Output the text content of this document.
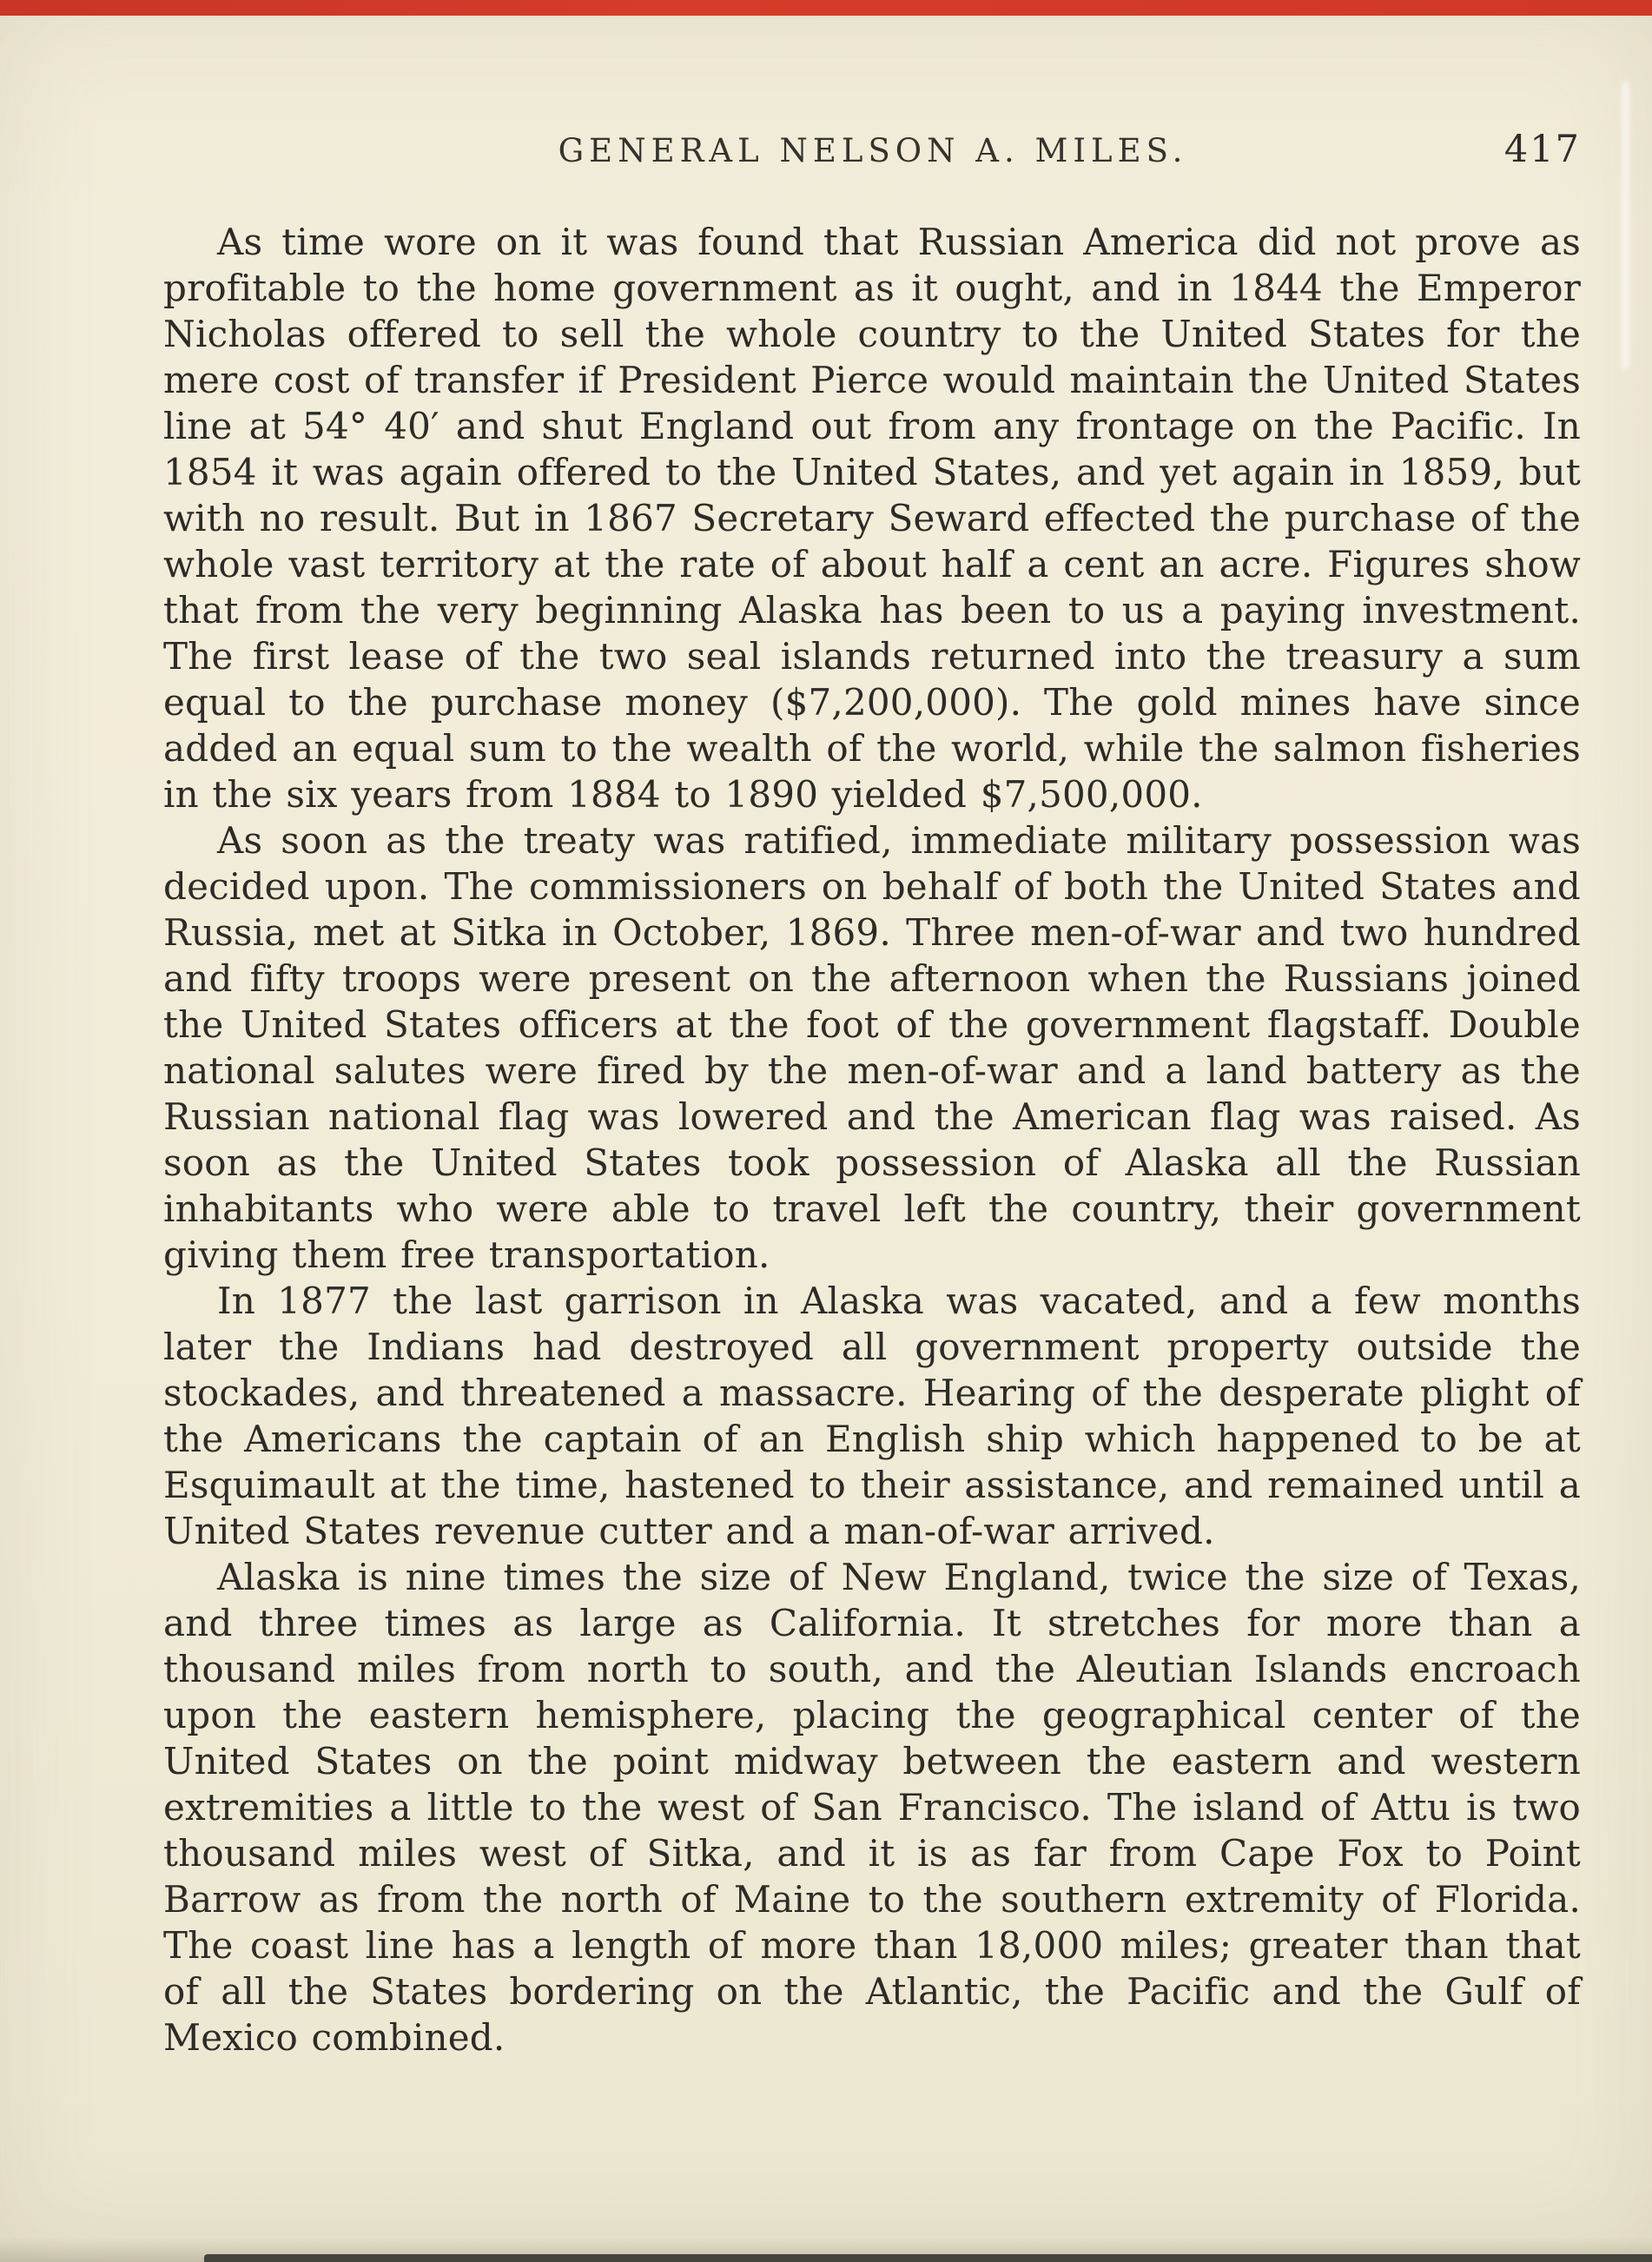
GENERAL NELSON A. MILES.	417

As time wore on it was found that Russian America did not prove as profitable to the home government as it ought, and in 1844 the Emperor Nicholas offered to sell the whole country to the United States for the mere cost of transfer if President Pierce would maintain the United States line at 54° 40′ and shut England out from any frontage on the Pacific. In 1854 it was again offered to the United States, and yet again in 1859, but with no result. But in 1867 Secretary Seward effected the purchase of the whole vast territory at the rate of about half a cent an acre. Figures show that from the very beginning Alaska has been to us a paying investment. The first lease of the two seal islands returned into the treasury a sum equal to the purchase money ($7,200,000). The gold mines have since added an equal sum to the wealth of the world, while the salmon fisheries in the six years from 1884 to 1890 yielded $7,500,000.

As soon as the treaty was ratified, immediate military possession was decided upon. The commissioners on behalf of both the United States and Russia, met at Sitka in October, 1869. Three men-of-war and two hundred and fifty troops were present on the afternoon when the Russians joined the United States officers at the foot of the government flagstaff. Double national salutes were fired by the men-of-war and a land battery as the Russian national flag was lowered and the American flag was raised. As soon as the United States took possession of Alaska all the Russian inhabitants who were able to travel left the country, their government giving them free transportation.

In 1877 the last garrison in Alaska was vacated, and a few months later the Indians had destroyed all government property outside the stockades, and threatened a massacre. Hearing of the desperate plight of the Americans the captain of an English ship which happened to be at Esquimault at the time, hastened to their assistance, and remained until a United States revenue cutter and a man-of-war arrived.

Alaska is nine times the size of New England, twice the size of Texas, and three times as large as California. It stretches for more than a thousand miles from north to south, and the Aleutian Islands encroach upon the eastern hemisphere, placing the geographical center of the United States on the point midway between the eastern and western extremities a little to the west of San Francisco. The island of Attu is two thousand miles west of Sitka, and it is as far from Cape Fox to Point Barrow as from the north of Maine to the southern extremity of Florida. The coast line has a length of more than 18,000 miles; greater than that of all the States bordering on the Atlantic, the Pacific and the Gulf of Mexico combined.
